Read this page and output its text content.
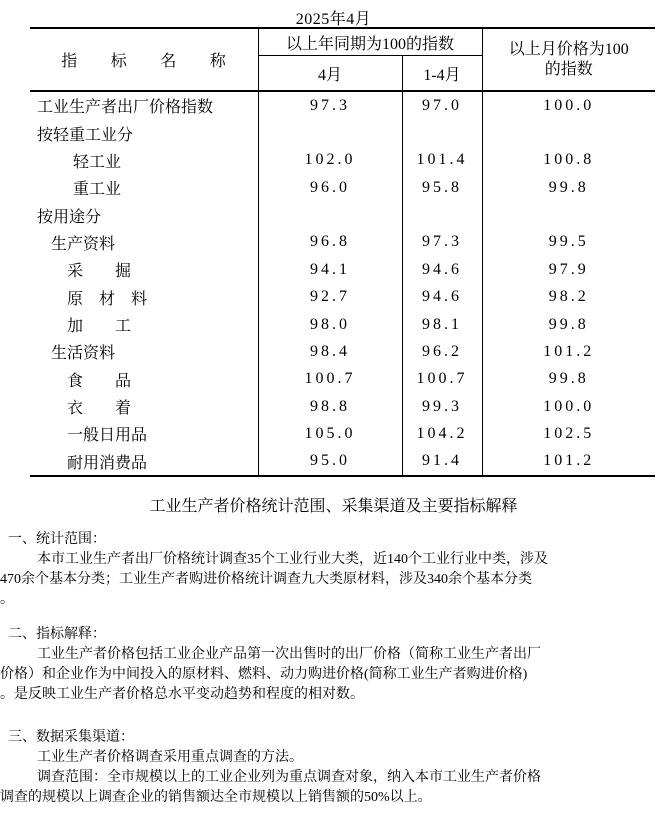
2025年4月
指　　标　　名　　称	以上年同期为100的指数		以上月价格为100
的指数

	4月	1-4月	
工业生产者出厂价格指数	97.3	97.0	100.0
按轻重工业分			
轻工业	102.0	101.4	100.8
重工业	96.0	95.8	99.8
按用途分			
生产资料	96.8	97.3	99.5
采　　掘	94.1	94.6	97.9
原　材　料	92.7	94.6	98.2
加　　工	98.0	98.1	99.8
生活资料	98.4	96.2	101.2
食　　品	100.7	100.7	99.8
衣　　着	98.8	99.3	100.0
一般日用品	105.0	104.2	102.5
耐用消费品	95.0	91.4	101.2
工业生产者价格统计范围、采集渠道及主要指标解释
一、统计范围：
本市工业生产者出厂价格统计调查35个工业行业大类，近140个工业行业中类，涉及
470余个基本分类；工业生产者购进价格统计调查九大类原材料，涉及340余个基本分类
。
二、指标解释：
工业生产者价格包括工业企业产品第一次出售时的出厂价格（简称工业生产者出厂
价格）和企业作为中间投入的原材料、燃料、动力购进价格(简称工业生产者购进价格)
。是反映工业生产者价格总水平变动趋势和程度的相对数。
三、数据采集渠道：
工业生产者价格调查采用重点调查的方法。
调查范围：全市规模以上的工业企业列为重点调查对象，纳入本市工业生产者价格
调查的规模以上调查企业的销售额达全市规模以上销售额的50%以上。
